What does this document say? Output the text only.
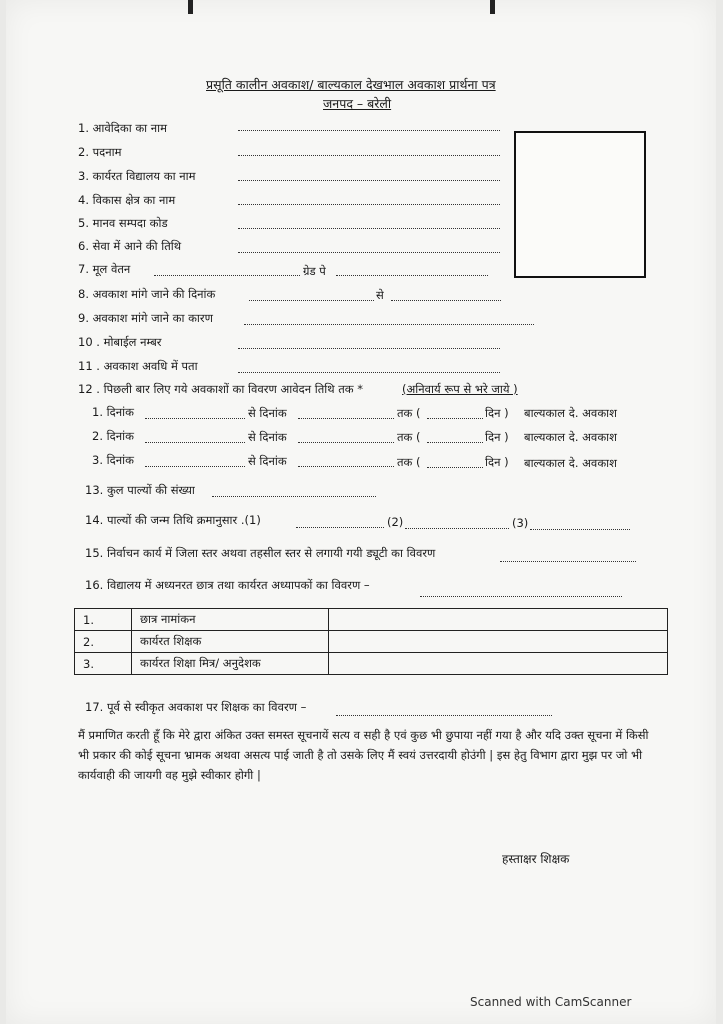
प्रसूति कालीन अवकाश/ बाल्यकाल देखभाल अवकाश प्रार्थना पत्र
जनपद – बरेली
1. आवेदिका का नाम
2. पदनाम
3. कार्यरत विद्यालय का नाम
4. विकास क्षेत्र का नाम
5. मानव सम्पदा कोड
6. सेवा में आने की तिथि
7. मूल वेतन	ग्रेड पे
8. अवकाश मांगे जाने की दिनांक	से
9. अवकाश मांगे जाने का कारण
10 . मोबाईल नम्बर
11 . अवकाश अवधि में पता
12 . पिछली बार लिए गये अवकाशों का विवरण आवेदन तिथि तक *	(अनिवार्य रूप से भरे जाये )
1. दिनांक	से दिनांक	तक (	दिन ) बाल्यकाल दे. अवकाश
2. दिनांक	से दिनांक	तक (	दिन ) बाल्यकाल दे. अवकाश
3. दिनांक	से दिनांक	तक (	दिन ) बाल्यकाल दे. अवकाश
13. कुल पाल्यों की संख्या
14. पाल्यों की जन्म तिथि क्रमानुसार .(1)	(2)	(3)
15. निर्वाचन कार्य में जिला स्तर अथवा तहसील स्तर से लगायी गयी ड्यूटी का विवरण
16. विद्यालय में अध्यनरत छात्र तथा कार्यरत अध्यापकों का विवरण –
1.	छात्र नामांकन	
2.	कार्यरत शिक्षक	
3.	कार्यरत शिक्षा मित्र/ अनुदेशक	
17. पूर्व से स्वीकृत अवकाश पर शिक्षक का विवरण –
मैं प्रमाणित करती हूँ कि मेरे द्वारा अंकित उक्त समस्त सूचनायें सत्य व सही है एवं कुछ भी छुपाया नहीं गया है और यदि उक्त सूचना में किसी भी प्रकार की कोई सूचना भ्रामक अथवा असत्य पाई जाती है तो उसके लिए मैं स्वयं उत्तरदायी होउंगी | इस हेतु विभाग द्वारा मुझ पर जो भी कार्यवाही की जायगी वह मुझे स्वीकार होगी |
हस्ताक्षर शिक्षक
Scanned with CamScanner
